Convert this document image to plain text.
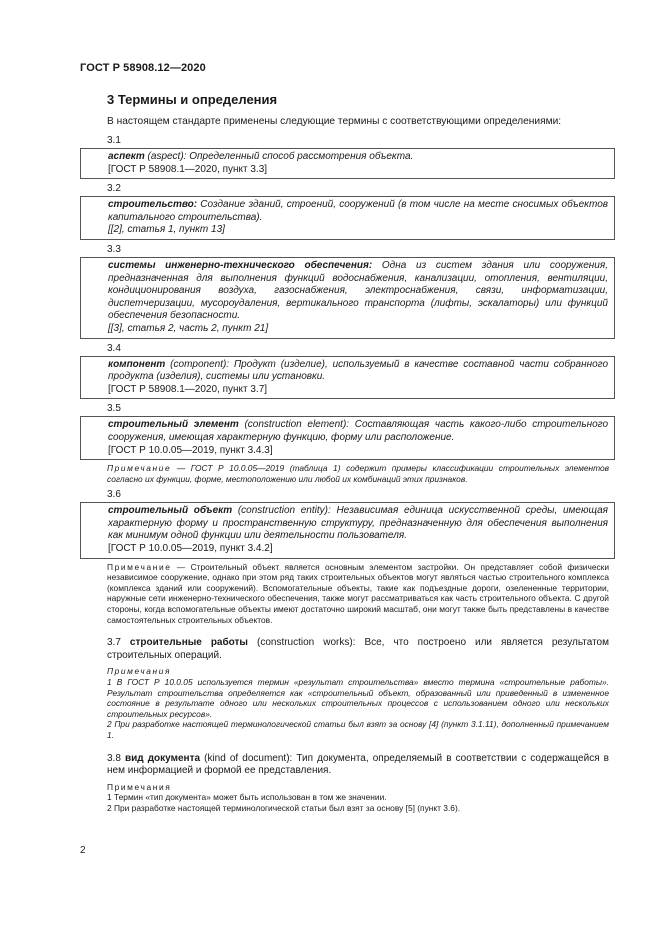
ГОСТ Р 58908.12—2020
3 Термины и определения
В настоящем стандарте применены следующие термины с соответствующими определениями:
3.1

аспект (aspect): Определенный способ рассмотрения объекта.

[ГОСТ Р 58908.1—2020, пункт 3.3]

3.2

строительство: Создание зданий, строений, сооружений (в том числе на месте сносимых объектов капитального строительства).

[[2], статья 1, пункт 13]

3.3

системы инженерно-технического обеспечения: Одна из систем здания или сооружения, предназначенная для выполнения функций водоснабжения, канализации, отопления, вентиляции, кондиционирования воздуха, газоснабжения, электроснабжения, связи, информатизации, диспетчеризации, мусороудаления, вертикального транспорта (лифты, эскалаторы) или функций обеспечения безопасности.

[[3], статья 2, часть 2, пункт 21]

3.4

компонент (component): Продукт (изделие), используемый в качестве составной части собранного продукта (изделия), системы или установки.

[ГОСТ Р 58908.1—2020, пункт 3.7]

3.5

строительный элемент (construction element): Составляющая часть какого-либо строительного сооружения, имеющая характерную функцию, форму или расположение.

[ГОСТ Р 10.0.05—2019, пункт 3.4.3]

Примечание — ГОСТ Р 10.0.05—2019 (таблица 1) содержит примеры классификации строительных элементов согласно их функции, форме, местоположению или любой их комбинаций этих признаков.
3.6

строительный объект (construction entity): Независимая единица искусственной среды, имеющая характерную форму и пространственную структуру, предназначенную для обеспечения выполнения как минимум одной функции или деятельности пользователя.

[ГОСТ Р 10.0.05—2019, пункт 3.4.2]

Примечание — Строительный объект является основным элементом застройки. Он представляет собой физически независимое сооружение, однако при этом ряд таких строительных объектов могут являться частью строительного комплекса (комплекса зданий или сооружений). Вспомогательные объекты, такие как подъездные дороги, озелененные территории, наружные сети инженерно-технического обеспечения, также могут рассматриваться как часть строительного объекта. С другой стороны, когда вспомогательные объекты имеют достаточно широкий масштаб, они могут также быть представлены в качестве самостоятельных строительных объектов.
3.7 строительные работы (construction works): Все, что построено или является результатом строительных операций.

Примечания

1 В ГОСТ Р 10.0.05 используется термин «результат строительства» вместо термина «строительные работы». Результат строительства определяется как «строительный объект, образованный или приведенный в измененное состояние в результате одного или нескольких строительных процессов с использованием одного или нескольких строительных ресурсов».

2 При разработке настоящей терминологической статьи был взят за основу [4] (пункт 3.1.11), дополненный примечанием 1.

3.8 вид документа (kind of document): Тип документа, определяемый в соответствии с содержащейся в нем информацией и формой ее представления.

Примечания

1 Термин «тип документа» может быть использован в том же значении.

2 При разработке настоящей терминологической статьи был взят за основу [5] (пункт 3.6).

2
